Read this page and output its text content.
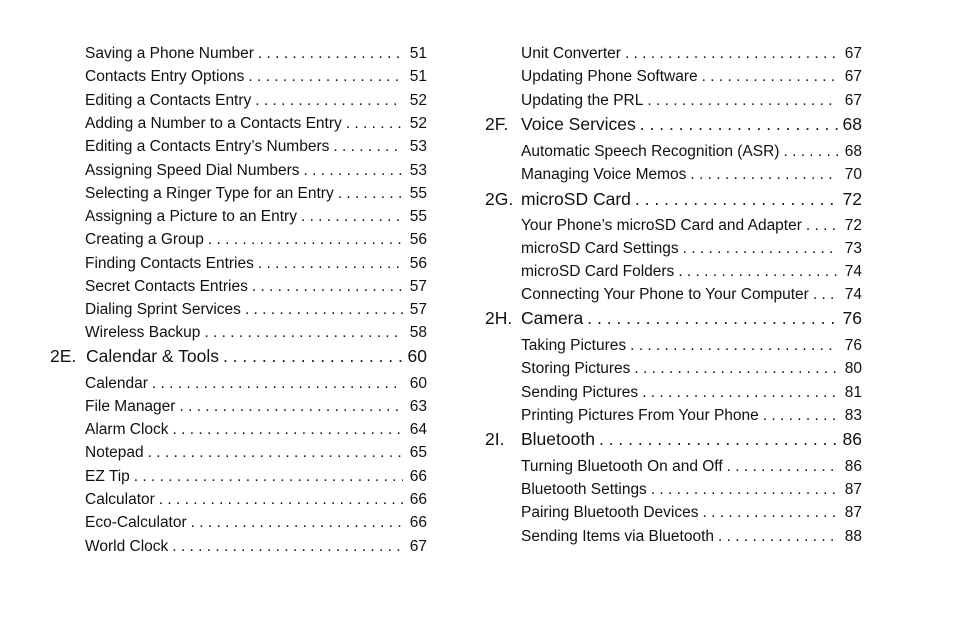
Saving a Phone Number . . .	51
Contacts Entry Options . . .	51
Editing a Contacts Entry . . .	52
Adding a Number to a Contacts Entry . . .	52
Editing a Contacts Entry’s Numbers . . .	53
Assigning Speed Dial Numbers . . .	53
Selecting a Ringer Type for an Entry . . .	55
Assigning a Picture to an Entry . . .	55
Creating a Group . . .	56
Finding Contacts Entries . . .	56
Secret Contacts Entries . . .	57
Dialing Sprint Services . . .	57
Wireless Backup . . .	58
2E. Calendar & Tools . . .	60
Calendar . . .	60
File Manager . . .	63
Alarm Clock . . .	64
Notepad . . .	65
EZ Tip . . .	66
Calculator . . .	66
Eco-Calculator . . .	66
World Clock . . .	67
Unit Converter . . .	67
Updating Phone Software . . .	67
Updating the PRL . . .	67
2F. Voice Services . . .	68
Automatic Speech Recognition (ASR) . . .	68
Managing Voice Memos . . .	70
2G. microSD Card . . .	72
Your Phone’s microSD Card and Adapter . . .	72
microSD Card Settings . . .	73
microSD Card Folders . . .	74
Connecting Your Phone to Your Computer . . . 74
2H. Camera . . .	76
Taking Pictures . . .	76
Storing Pictures . . .	80
Sending Pictures . . .	81
Printing Pictures From Your Phone . . .	83
2I. Bluetooth . . .	86
Turning Bluetooth On and Off . . .	86
Bluetooth Settings . . .	87
Pairing Bluetooth Devices . . .	87
Sending Items via Bluetooth . . .	88
